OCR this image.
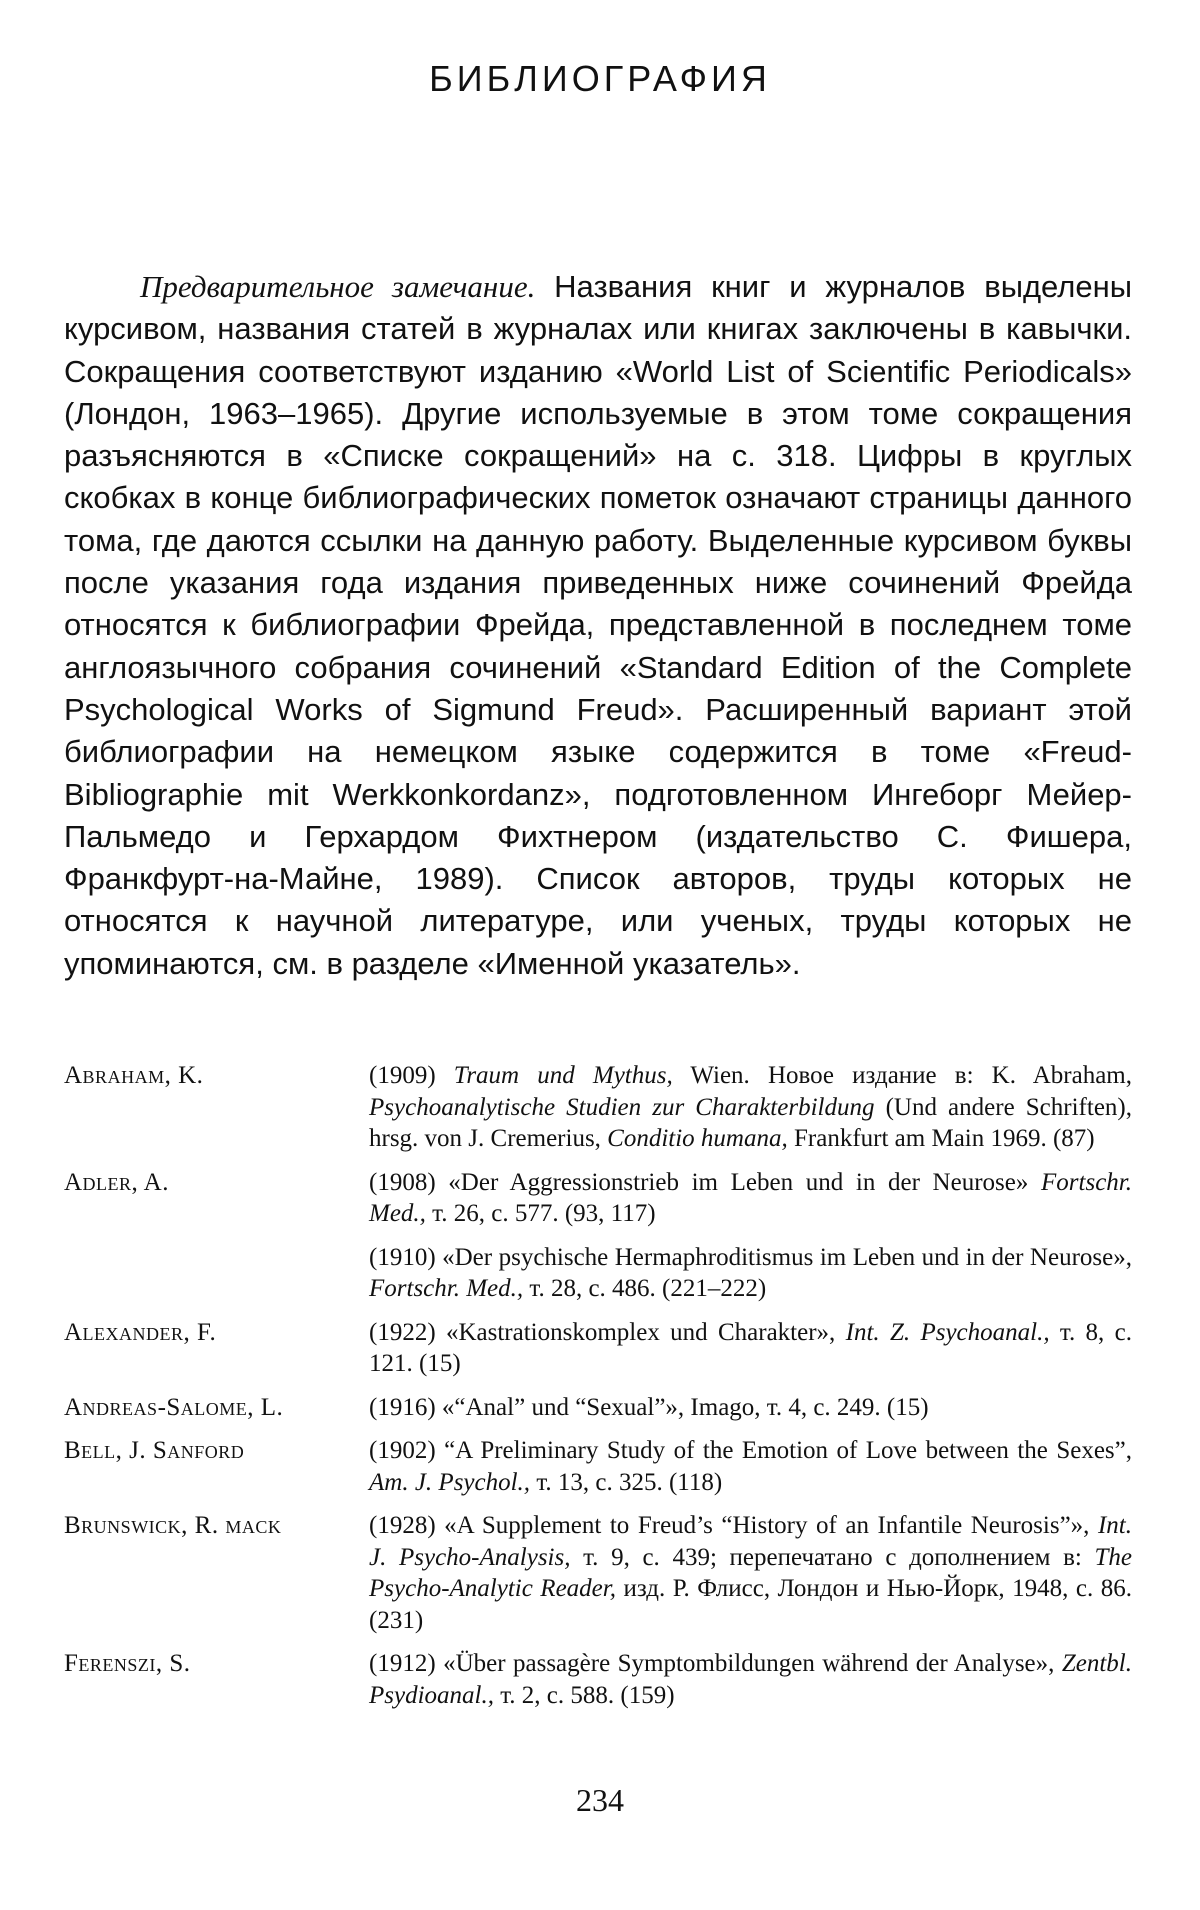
БИБЛИОГРАФИЯ

Предварительное замечание. Названия книг и журналов выделены курсивом, названия статей в журналах или книгах заключены в кавычки. Сокращения соответствуют изданию «World List of Scientific Periodicals» (Лондон, 1963–1965). Другие используемые в этом томе сокращения разъясняются в «Списке сокращений» на с. 318. Цифры в круглых скобках в конце библиографических пометок означают страницы данного тома, где даются ссылки на данную работу. Выделенные курсивом буквы после указания года издания приведенных ниже сочинений Фрейда относятся к библиографии Фрейда, представленной в последнем томе англоязычного собрания сочинений «Standard Edition of the Complete Psychological Works of Sigmund Freud». Расширенный вариант этой библиографии на немецком языке содержится в томе «Freud-Bibliographie mit Werkkonkordanz», подготовленном Ингеборг Мейер-Пальмедо и Герхардом Фихтнером (издательство С. Фишера, Франкфурт-на-Майне, 1989). Список авторов, труды которых не относятся к научной литературе, или ученых, труды которых не упоминаются, см. в разделе «Именной указатель».

Abraham, K.	(1909) Traum und Mythus, Wien. Новое издание в: K. Abraham, Psychoanalytische Studien zur Charakterbildung (Und andere Schriften), hrsg. von J. Cremerius, Conditio humana, Frankfurt am Main 1969. (87)
Adler, A.	(1908) «Der Aggressionstrieb im Leben und in der Neurose» Fortschr. Med., т. 26, с. 577. (93, 117)
(1910) «Der psychische Hermaphroditismus im Leben und in der Neurose», Fortschr. Med., т. 28, с. 486. (221–222)
Alexander, F.	(1922) «Kastrationskomplex und Charakter», Int. Z. Psychoanal., т. 8, с. 121. (15)
Andreas-Salome, L.	(1916) «“Anal” und “Sexual”», Imago, т. 4, с. 249. (15)
Bell, J. Sanford	(1902) “A Preliminary Study of the Emotion of Love between the Sexes”, Am. J. Psychol., т. 13, с. 325. (118)
Brunswick, R. mack	(1928) «A Supplement to Freud’s “History of an Infantile Neurosis”», Int. J. Psycho-Analysis, т. 9, с. 439; перепечатано с дополнением в: The Psycho-Analytic Reader, изд. Р. Флисс, Лондон и Нью-Йорк, 1948, с. 86. (231)
Ferenszi, S.	(1912) «Über passagère Symptombildungen während der Analyse», Zentbl. Psydioanal., т. 2, с. 588. (159)
234
